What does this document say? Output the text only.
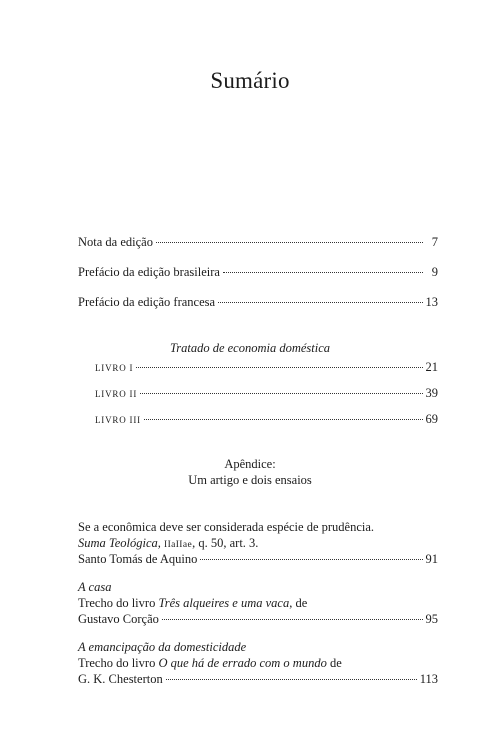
Sumário
Nota da edição	7
Prefácio da edição brasileira	9
Prefácio da edição francesa	13
Tratado de economia doméstica
LIVRO I	21
LIVRO II	39
LIVRO III	69
Apêndice:
Um artigo e dois ensaios
Se a econômica deve ser considerada espécie de prudência.
Suma Teológica, IIaIIae, q. 50, art. 3.
Santo Tomás de Aquino	91
A casa
Trecho do livro Três alqueires e uma vaca, de
Gustavo Corção	95
A emancipação da domesticidade
Trecho do livro O que há de errado com o mundo de
G. K. Chesterton	113
